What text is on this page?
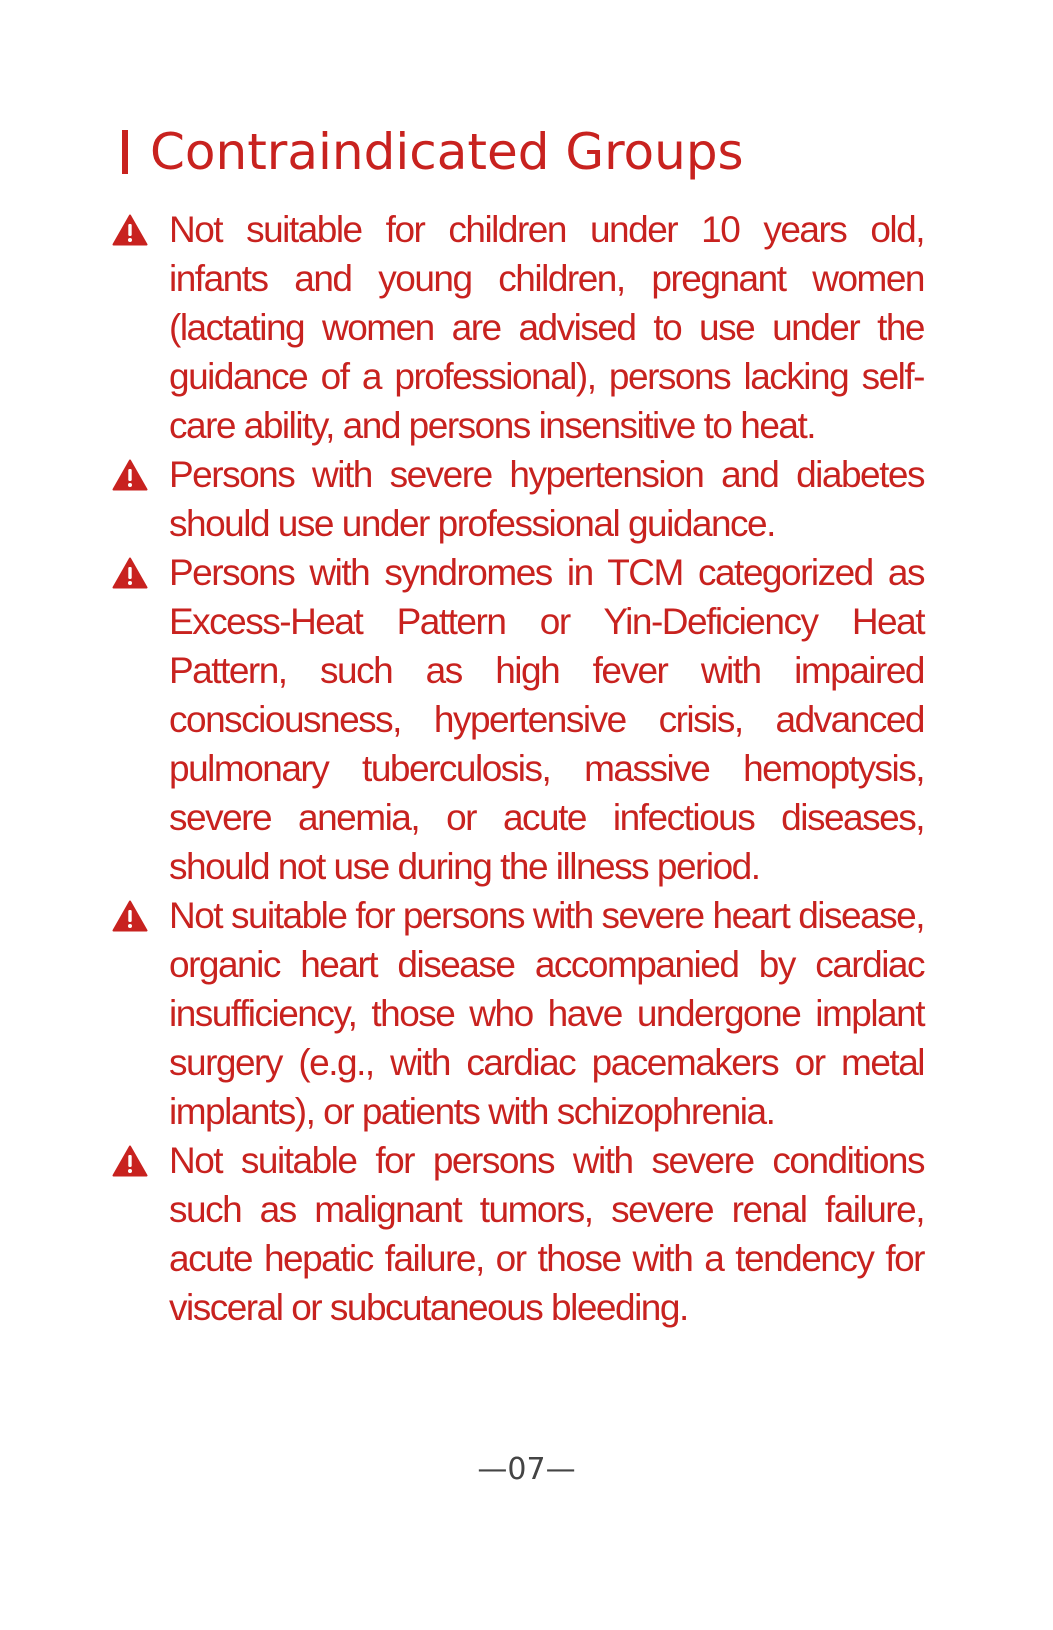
Contraindicated Groups
Not suitable for children under 10 years old, infants and young children, pregnant women (lactating women are advised to use under the guidance of a professional), persons lacking self-care ability, and persons insensitive to heat.
Persons with severe hypertension and diabetes should use under professional guidance.
Persons with syndromes in TCM categorized as Excess-Heat Pattern or Yin-Deficiency Heat Pattern, such as high fever with impaired consciousness, hypertensive crisis, advanced pulmonary tuberculosis, massive hemoptysis, severe anemia, or acute infectious diseases, should not use during the illness period.
Not suitable for persons with severe heart disease, organic heart disease accompanied by cardiac insufficiency, those who have undergone implant surgery (e.g., with cardiac pacemakers or metal implants), or patients with schizophrenia.
Not suitable for persons with severe conditions such as malignant tumors, severe renal failure, acute hepatic failure, or those with a tendency for visceral or subcutaneous bleeding.
—07—
